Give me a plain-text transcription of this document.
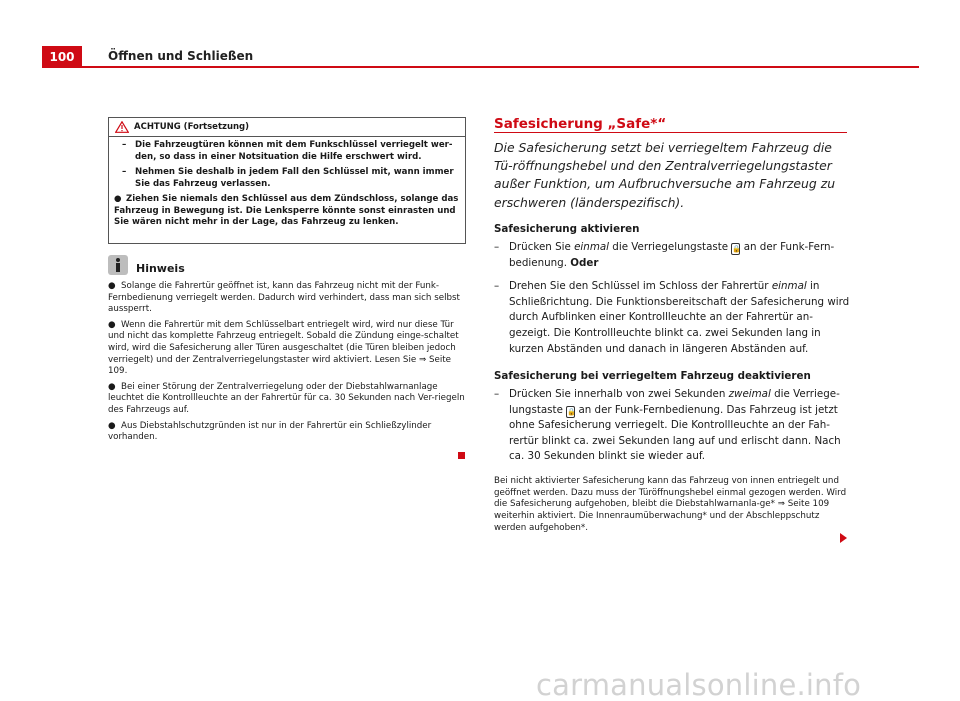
100	Öffnen und Schließen
ACHTUNG (Fortsetzung)
–	Die Fahrzeugtüren können mit dem Funkschlüssel verriegelt wer-den, so dass in einer Notsituation die Hilfe erschwert wird.
–	Nehmen Sie deshalb in jedem Fall den Schlüssel mit, wann immer Sie das Fahrzeug verlassen.
● Ziehen Sie niemals den Schlüssel aus dem Zündschloss, solange das Fahrzeug in Bewegung ist. Die Lenksperre könnte sonst einrasten und Sie wären nicht mehr in der Lage, das Fahrzeug zu lenken.
Hinweis

● Solange die Fahrertür geöffnet ist, kann das Fahrzeug nicht mit der Funk-Fernbedienung verriegelt werden. Dadurch wird verhindert, dass man sich selbst aussperrt.

● Wenn die Fahrertür mit dem Schlüsselbart entriegelt wird, wird nur diese Tür und nicht das komplette Fahrzeug entriegelt. Sobald die Zündung einge-schaltet wird, wird die Safesicherung aller Türen ausgeschaltet (die Türen bleiben jedoch verriegelt) und der Zentralverriegelungstaster wird aktiviert. Lesen Sie ⇒ Seite 109.

● Bei einer Störung der Zentralverriegelung oder der Diebstahlwarnanlage leuchtet die Kontrollleuchte an der Fahrertür für ca. 30 Sekunden nach Ver-riegeln des Fahrzeugs auf.

● Aus Diebstahlschutzgründen ist nur in der Fahrertür ein Schließzylinder vorhanden.

Safesicherung „Safe*“
Die Safesicherung setzt bei verriegeltem Fahrzeug die Tü-röffnungshebel und den Zentralverriegelungstaster außer Funktion, um Aufbruchversuche am Fahrzeug zu erschweren (länderspezifisch).
Safesicherung aktivieren
– Drücken Sie einmal die Verriegelungstaste 🔒 an der Funk-Fern-bedienung. Oder
– Drehen Sie den Schlüssel im Schloss der Fahrertür einmal in Schließrichtung. Die Funktionsbereitschaft der Safesicherung wird durch Aufblinken einer Kontrollleuchte an der Fahrertür an-gezeigt. Die Kontrollleuchte blinkt ca. zwei Sekunden lang in kurzen Abständen und danach in längeren Abständen auf.
Safesicherung bei verriegeltem Fahrzeug deaktivieren
– Drücken Sie innerhalb von zwei Sekunden zweimal die Verriege-lungstaste 🔒 an der Funk-Fernbedienung. Das Fahrzeug ist jetzt ohne Safesicherung verriegelt. Die Kontrollleuchte an der Fah-rertür blinkt ca. zwei Sekunden lang auf und erlischt dann. Nach ca. 30 Sekunden blinkt sie wieder auf.
Bei nicht aktivierter Safesicherung kann das Fahrzeug von innen entriegelt und geöffnet werden. Dazu muss der Türöffnungshebel einmal gezogen werden. Wird die Safesicherung aufgehoben, bleibt die Diebstahlwarnanla-ge* ⇒ Seite 109 weiterhin aktiviert. Die Innenraumüberwachung* und der Abschleppschutz werden aufgehoben*.
carmanualsonline.info
